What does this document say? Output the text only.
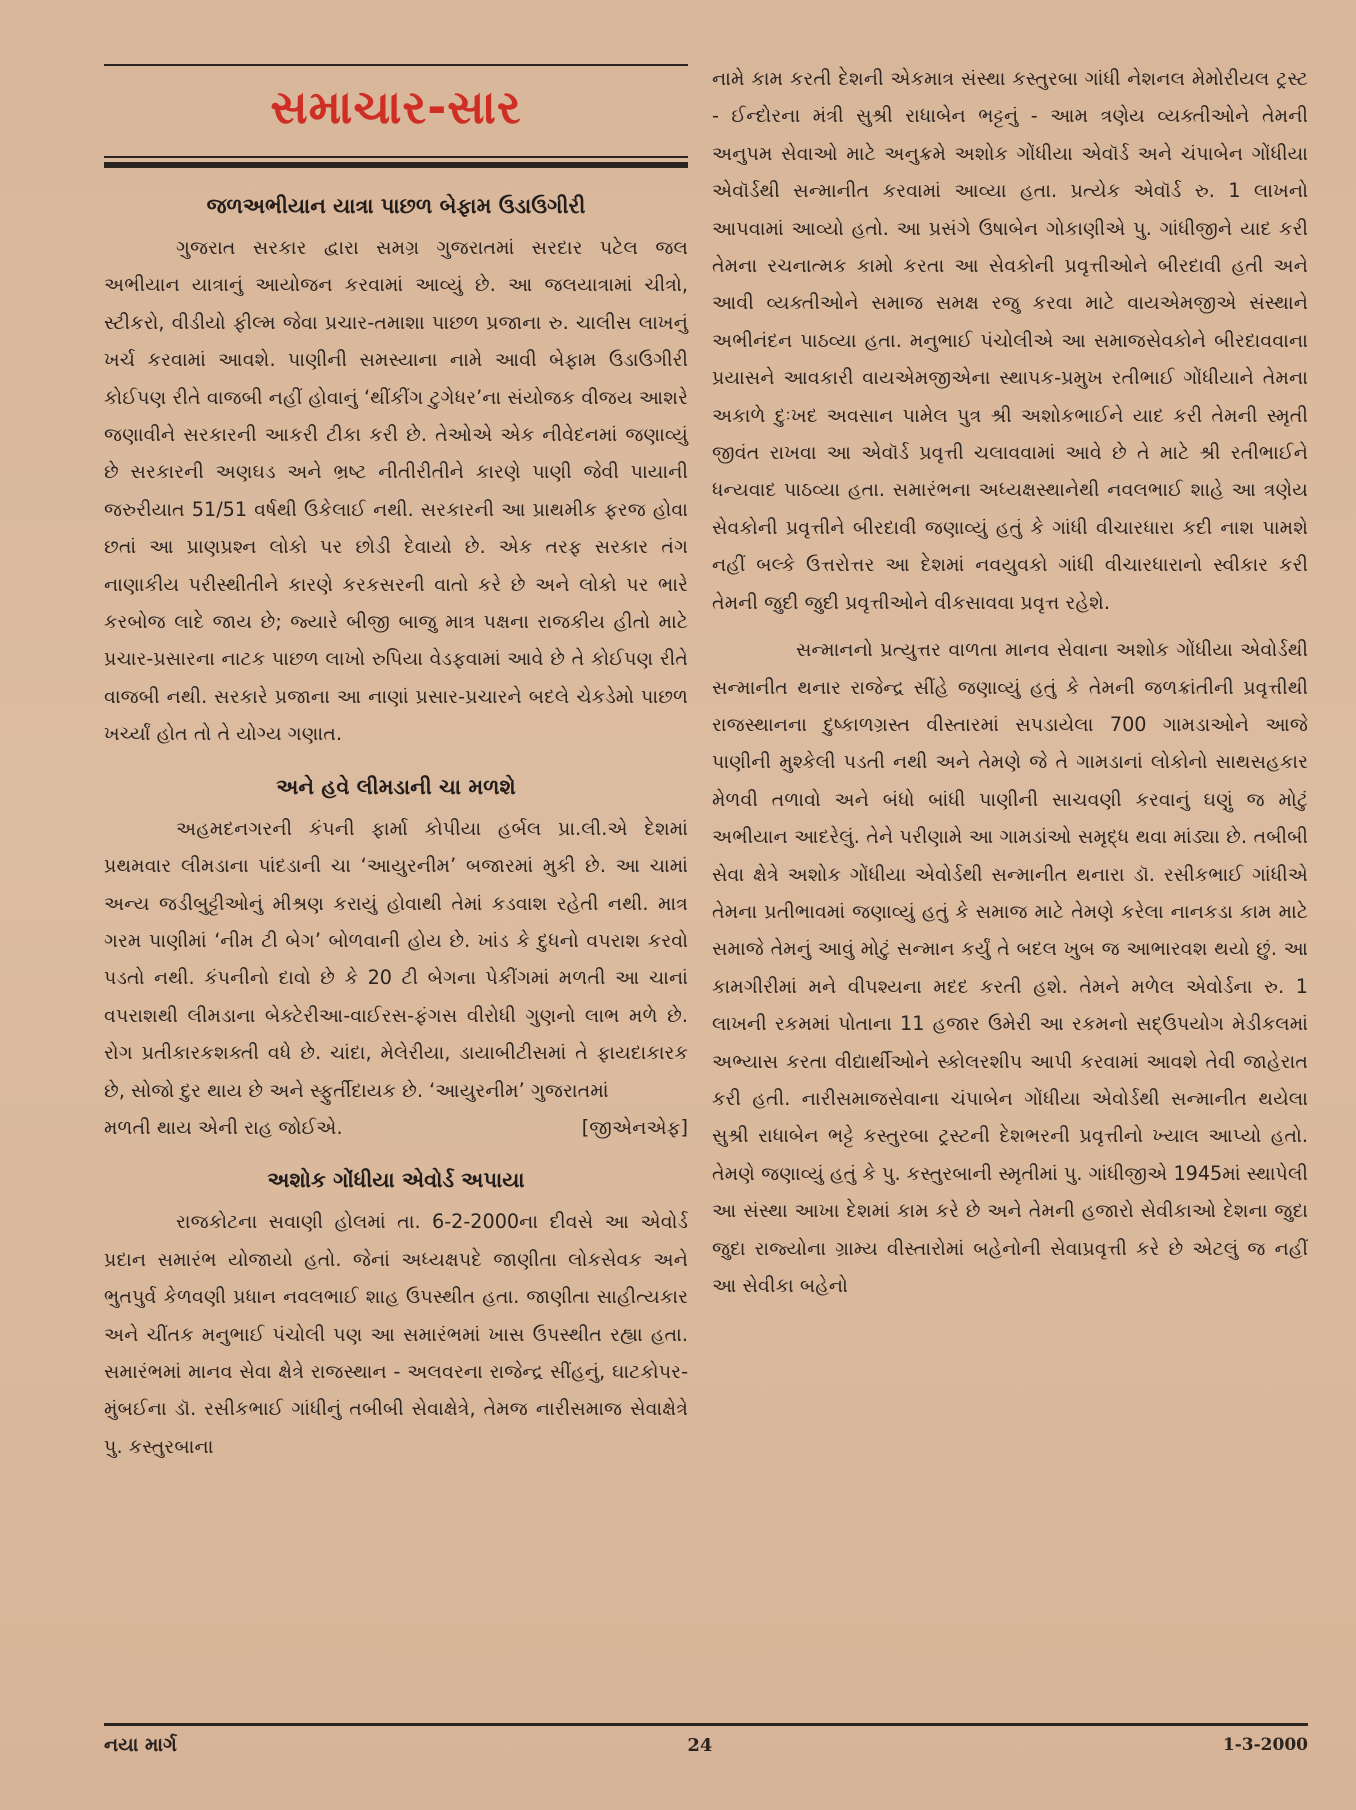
સમાચાર-સાર
જળઅભીયાન યાત્રા પાછળ બેફામ ઉડાઉગીરી

ગુજરાત સરકાર દ્વારા સમગ્ર ગુજરાતમાં સરદાર પટેલ જલ અભીયાન યાત્રાનું આયોજન કરવામાં આવ્યું છે. આ જલયાત્રામાં ચીત્રો, સ્ટીકરો, વીડીયો ફીલ્મ જેવા પ્રચાર-તમાશા પાછળ પ્રજાના રુ. ચાલીસ લાખનું ખર્ચ કરવામાં આવશે. પાણીની સમસ્યાના નામે આવી બેફામ ઉડાઉગીરી કોઈપણ રીતે વાજબી નહીં હોવાનું ‘થીંકીંગ ટુગેધર’ના સંયોજક વીજય આશરે જણાવીને સરકારની આકરી ટીકા કરી છે. તેઓએ એક નીવેદનમાં જણાવ્યું છે સરકારની અણઘડ અને ભ્રષ્ટ નીતીરીતીને કારણે પાણી જેવી પાયાની જરુરીયાત 51/51 વર્ષથી ઉકેલાઈ નથી. સરકારની આ પ્રાથમીક ફરજ હોવા છતાં આ પ્રાણપ્રશ્ન લોકો પર છોડી દેવાયો છે. એક તરફ સરકાર તંગ નાણાકીય પરીસ્થીતીને કારણે કરકસરની વાતો કરે છે અને લોકો પર ભારે કરબોજ લાદે જાય છે; જ્યારે બીજી બાજુ માત્ર પક્ષના રાજકીય હીતો માટે પ્રચાર-પ્રસારના નાટક પાછળ લાખો રુપિયા વેડફવામાં આવે છે તે કોઈપણ રીતે વાજબી નથી. સરકારે પ્રજાના આ નાણાં પ્રસાર-પ્રચારને બદલે ચેકડેમો પાછળ ખર્ચ્યાં હોત તો તે યોગ્ય ગણાત.

અને હવે લીમડાની ચા મળશે

અહમદનગરની કંપની ફાર્મા કોપીયા હર્બલ પ્રા.લી.એ દેશમાં પ્રથમવાર લીમડાના પાંદડાની ચા ‘આયુરનીમ’ બજારમાં મુકી છે. આ ચામાં અન્ય જડીબુટ્ટીઓનું મીશ્રણ કરાયું હોવાથી તેમાં કડવાશ રહેતી નથી. માત્ર ગરમ પાણીમાં ‘નીમ ટી બેગ’ બોળવાની હોય છે. ખાંડ કે દુધનો વપરાશ કરવો પડતો નથી. કંપનીનો દાવો છે કે 20 ટી બેગના પેકીંગમાં મળતી આ ચાનાં વપરાશથી લીમડાના બેક્ટેરીઆ-વાઈરસ-ફંગસ વીરોધી ગુણનો લાભ મળે છે. રોગ પ્રતીકારકશક્તી વધે છે. ચાંદા, મેલેરીયા, ડાયાબીટીસમાં તે ફાયદાકારક છે, સોજો દુર થાય છે અને સ્ફુર્તીદાયક છે. ‘આયુરનીમ’ ગુજરાતમાં

મળતી થાય એની રાહ જોઈએ.	[જીએનએફ]
અશોક ગોંધીયા એવોર્ડ અપાયા

રાજકોટના સવાણી હોલમાં તા. 6-2-2000ના દીવસે આ એવોર્ડ પ્રદાન સમારંભ યોજાયો હતો. જેનાં અધ્યક્ષપદે જાણીતા લોકસેવક અને ભુતપુર્વ કેળવણી પ્રધાન નવલભાઈ શાહ ઉપસ્થીત હતા. જાણીતા સાહીત્યકાર અને ચીંતક મનુભાઈ પંચોલી પણ આ સમારંભમાં ખાસ ઉપસ્થીત રહ્યા હતા. સમારંભમાં માનવ સેવા ક્ષેત્રે રાજસ્થાન - અલવરના રાજેન્દ્ર સીંહનું, ઘાટકોપર-મુંબઈના ડૉ. રસીકભાઈ ગાંધીનું તબીબી સેવાક્ષેત્રે, તેમજ નારીસમાજ સેવાક્ષેત્રે પુ. કસ્તુરબાના

નામે કામ કરતી દેશની એકમાત્ર સંસ્થા કસ્તુરબા ગાંધી નેશનલ મેમોરીયલ ટ્રસ્ટ - ઈન્દોરના મંત્રી સુશ્રી રાધાબેન ભટ્ટનું - આમ ત્રણેય વ્યક્તીઓને તેમની અનુપમ સેવાઓ માટે અનુક્રમે અશોક ગોંધીયા એવૉર્ડ અને ચંપાબેન ગોંધીયા એવૉર્ડથી સન્માનીત કરવામાં આવ્યા હતા. પ્રત્યેક એવૉર્ડ રુ. 1 લાખનો આપવામાં આવ્યો હતો. આ પ્રસંગે ઉષાબેન ગોકાણીએ પુ. ગાંધીજીને યાદ કરી તેમના રચનાત્મક કામો કરતા આ સેવકોની પ્રવૃત્તીઓને બીરદાવી હતી અને આવી વ્યક્તીઓને સમાજ સમક્ષ રજુ કરવા માટે વાયએમજીએ સંસ્થાને અભીનંદન પાઠવ્યા હતા. મનુભાઈ પંચોલીએ આ સમાજસેવકોને બીરદાવવાના પ્રયાસને આવકારી વાયએમજીએના સ્થાપક-પ્રમુખ રતીભાઈ ગોંધીયાને તેમના અકાળે દુઃખદ અવસાન પામેલ પુત્ર શ્રી અશોકભાઈને યાદ કરી તેમની સ્મૃતી જીવંત રાખવા આ એવૉર્ડ પ્રવૃત્તી ચલાવવામાં આવે છે તે માટે શ્રી રતીભાઈને ધન્યવાદ પાઠવ્યા હતા. સમારંભના અધ્યક્ષસ્થાનેથી નવલભાઈ શાહે આ ત્રણેય સેવકોની પ્રવૃત્તીને બીરદાવી જણાવ્યું હતું કે ગાંધી વીચારધારા કદી નાશ પામશે નહીં બલ્કે ઉત્તરોત્તર આ દેશમાં નવયુવકો ગાંધી વીચારધારાનો સ્વીકાર કરી તેમની જુદી જુદી પ્રવૃત્તીઓને વીકસાવવા પ્રવૃત્ત રહેશે.

સન્માનનો પ્રત્યુત્તર વાળતા માનવ સેવાના અશોક ગોંધીયા એવોર્ડથી સન્માનીત થનાર રાજેન્દ્ર સીંહે જણાવ્યું હતું કે તેમની જળક્રાંતીની પ્રવૃત્તીથી રાજસ્થાનના દુષ્કાળગ્રસ્ત વીસ્તારમાં સપડાયેલા 700 ગામડાઓને આજે પાણીની મુશ્કેલી પડતી નથી અને તેમણે જે તે ગામડાનાં લોકોનો સાથસહકાર મેળવી તળાવો અને બંધો બાંધી પાણીની સાચવણી કરવાનું ઘણું જ મોટું અભીયાન આદરેલું. તેને પરીણામે આ ગામડાંઓ સમૃદ્ધ થવા માંડ્યા છે. તબીબી સેવા ક્ષેત્રે અશોક ગોંધીયા એવોર્ડથી સન્માનીત થનારા ડૉ. રસીકભાઈ ગાંધીએ તેમના પ્રતીભાવમાં જણાવ્યું હતું કે સમાજ માટે તેમણે કરેલા નાનકડા કામ માટે સમાજે તેમનું આવું મોટું સન્માન કર્યું તે બદલ ખુબ જ આભારવશ થયો છું. આ કામગીરીમાં મને વીપશ્યના મદદ કરતી હશે. તેમને મળેલ એવોર્ડના રુ. 1 લાખની રકમમાં પોતાના 11 હજાર ઉમેરી આ રકમનો સદ્ઉપયોગ મેડીકલમાં અભ્યાસ કરતા વીદ્યાર્થીઓને સ્કોલરશીપ આપી કરવામાં આવશે તેવી જાહેરાત કરી હતી. નારીસમાજસેવાના ચંપાબેન ગોંધીયા એવોર્ડથી સન્માનીત થયેલા સુશ્રી રાધાબેન ભટ્ટે કસ્તુરબા ટ્રસ્ટની દેશભરની પ્રવૃત્તીનો ખ્યાલ આપ્યો હતો. તેમણે જણાવ્યું હતું કે પુ. કસ્તુરબાની સ્મૃતીમાં પુ. ગાંધીજીએ 1945માં સ્થાપેલી આ સંસ્થા આખા દેશમાં કામ કરે છે અને તેમની હજારો સેવીકાઓ દેશના જુદા જુદા રાજ્યોના ગ્રામ્ય વીસ્તારોમાં બહેનોની સેવાપ્રવૃત્તી કરે છે એટલું જ નહીં આ સેવીકા બહેનો

નયા માર્ગ	24	1-3-2000
